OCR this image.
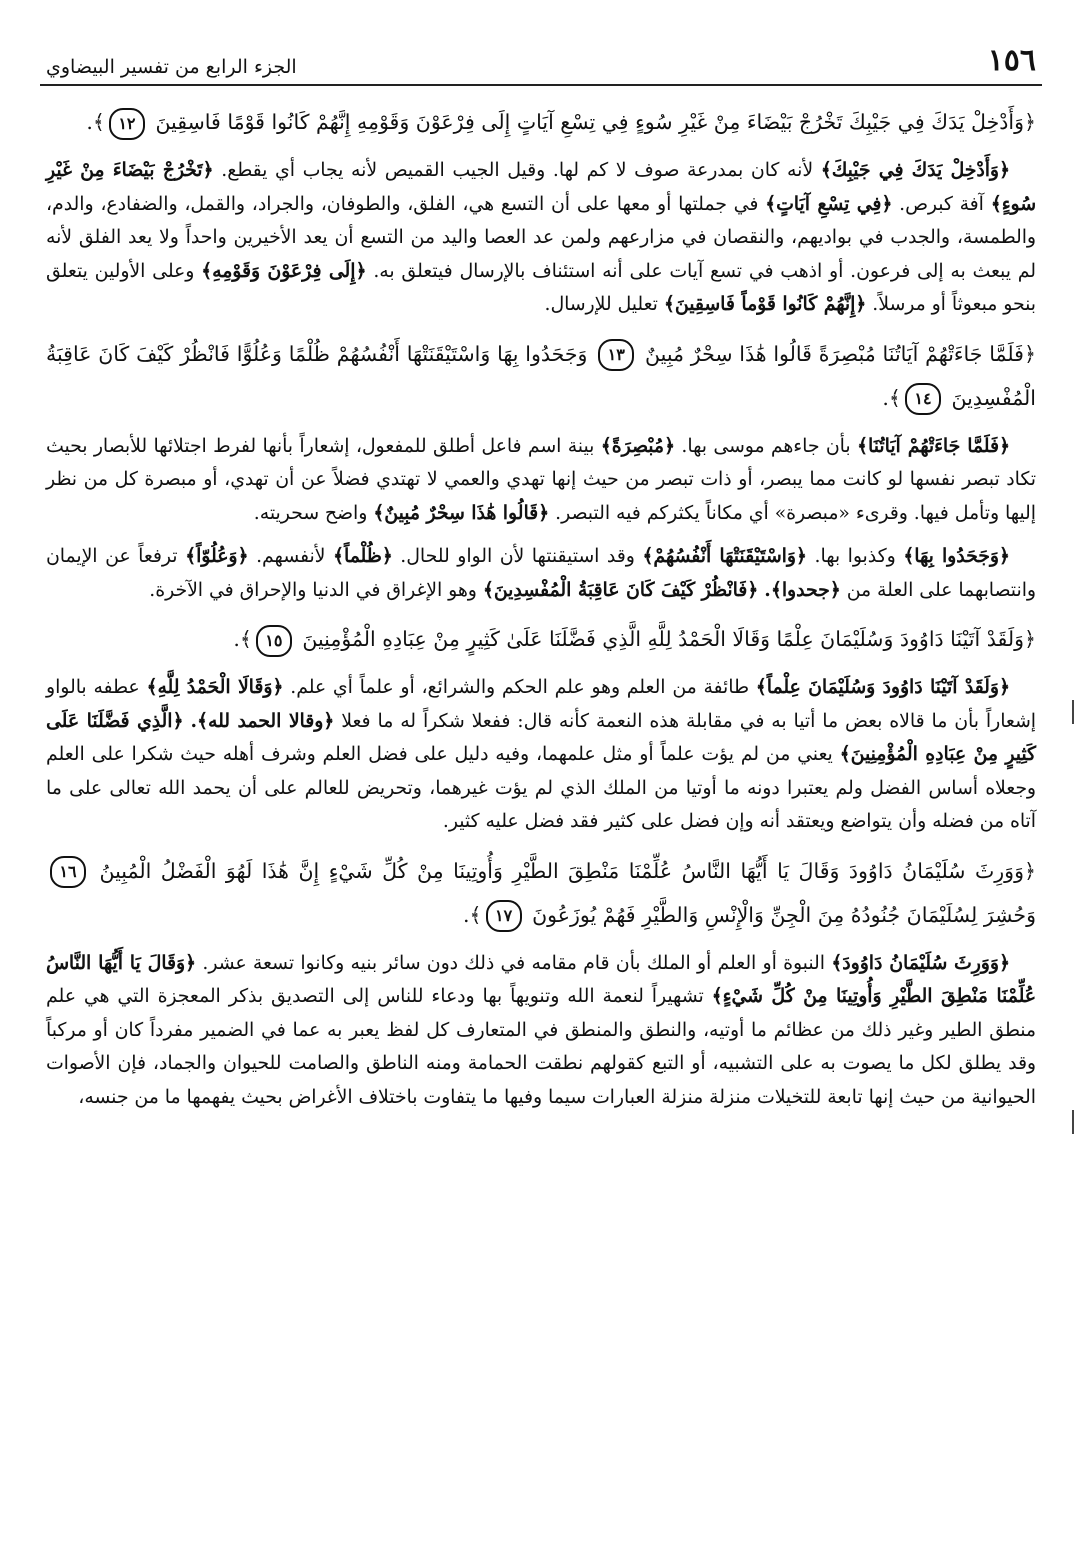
١٥٦
الجزء الرابع من تفسير البيضاوي

﴿وَأَدْخِلْ يَدَكَ فِي جَيْبِكَ تَخْرُجْ بَيْضَاءَ مِنْ غَيْرِ سُوءٍ فِي تِسْعِ آيَاتٍ إِلَى فِرْعَوْنَ وَقَوْمِهِ إِنَّهُمْ كَانُوا قَوْمًا فَاسِقِينَ ١٢﴾.

﴿وَأَدْخِلْ يَدَكَ فِي جَيْبِكَ﴾ لأنه كان بمدرعة صوف لا كم لها. وقيل الجيب القميص لأنه يجاب أي يقطع. ﴿تَخْرُجْ بَيْضَاءَ مِنْ غَيْرِ سُوءٍ﴾ آفة كبرص. ﴿فِي تِسْعِ آيَاتٍ﴾ في جملتها أو معها على أن التسع هي، الفلق، والطوفان، والجراد، والقمل، والضفادع، والدم، والطمسة، والجدب في بواديهم، والنقصان في مزارعهم ولمن عد العصا واليد من التسع أن يعد الأخيرين واحداً ولا يعد الفلق لأنه لم يبعث به إلى فرعون. أو اذهب في تسع آيات على أنه استئناف بالإرسال فيتعلق به. ﴿إِلَى فِرْعَوْنَ وَقَوْمِهِ﴾ وعلى الأولين يتعلق بنحو مبعوثاً أو مرسلاً. ﴿إِنَّهُمْ كَانُوا قَوْماً فَاسِقِينَ﴾ تعليل للإرسال.

﴿فَلَمَّا جَاءَتْهُمْ آيَاتُنَا مُبْصِرَةً قَالُوا هَٰذَا سِحْرٌ مُبِينٌ ١٣ وَجَحَدُوا بِهَا وَاسْتَيْقَنَتْهَا أَنْفُسُهُمْ ظُلْمًا وَعُلُوًّا فَانْظُرْ كَيْفَ كَانَ عَاقِبَةُ الْمُفْسِدِينَ ١٤﴾.

﴿فَلَمَّا جَاءَتْهُمْ آيَاتُنَا﴾ بأن جاءهم موسى بها. ﴿مُبْصِرَةً﴾ بينة اسم فاعل أطلق للمفعول، إشعاراً بأنها لفرط اجتلائها للأبصار بحيث تكاد تبصر نفسها لو كانت مما يبصر، أو ذات تبصر من حيث إنها تهدي والعمي لا تهتدي فضلاً عن أن تهدي، أو مبصرة كل من نظر إليها وتأمل فيها. وقرىء «مبصرة» أي مكاناً يكثركم فيه التبصر. ﴿قَالُوا هَٰذَا سِحْرٌ مُبِينٌ﴾ واضح سحريته.

﴿وَجَحَدُوا بِهَا﴾ وكذبوا بها. ﴿وَاسْتَيْقَنَتْهَا أَنْفُسُهُمْ﴾ وقد استيقنتها لأن الواو للحال. ﴿ظُلْماً﴾ لأنفسهم. ﴿وَعُلُوّاً﴾ ترفعاً عن الإيمان وانتصابهما على العلة من ﴿جحدوا﴾. ﴿فَانْظُرْ كَيْفَ كَانَ عَاقِبَةُ الْمُفْسِدِينَ﴾ وهو الإغراق في الدنيا والإحراق في الآخرة.

﴿وَلَقَدْ آتَيْنَا دَاوُودَ وَسُلَيْمَانَ عِلْمًا وَقَالَا الْحَمْدُ لِلَّهِ الَّذِي فَضَّلَنَا عَلَىٰ كَثِيرٍ مِنْ عِبَادِهِ الْمُؤْمِنِينَ ١٥﴾.

﴿وَلَقَدْ آتَيْنَا دَاوُودَ وَسُلَيْمَانَ عِلْماً﴾ طائفة من العلم وهو علم الحكم والشرائع، أو علماً أي علم. ﴿وَقَالَا الْحَمْدُ لِلَّهِ﴾ عطفه بالواو إشعاراً بأن ما قالاه بعض ما أتيا به في مقابلة هذه النعمة كأنه قال: ففعلا شكراً له ما فعلا ﴿وقالا الحمد لله﴾. ﴿الَّذِي فَضَّلَنَا عَلَى كَثِيرٍ مِنْ عِبَادِهِ الْمُؤْمِنِينَ﴾ يعني من لم يؤت علماً أو مثل علمهما، وفيه دليل على فضل العلم وشرف أهله حيث شكرا على العلم وجعلاه أساس الفضل ولم يعتبرا دونه ما أوتيا من الملك الذي لم يؤت غيرهما، وتحريض للعالم على أن يحمد الله تعالى على ما آتاه من فضله وأن يتواضع ويعتقد أنه وإن فضل على كثير فقد فضل عليه كثير.

﴿وَوَرِثَ سُلَيْمَانُ دَاوُودَ وَقَالَ يَا أَيُّهَا النَّاسُ عُلِّمْنَا مَنْطِقَ الطَّيْرِ وَأُوتِينَا مِنْ كُلِّ شَيْءٍ إِنَّ هَٰذَا لَهُوَ الْفَضْلُ الْمُبِينُ ١٦ وَحُشِرَ لِسُلَيْمَانَ جُنُودُهُ مِنَ الْجِنِّ وَالْإِنْسِ وَالطَّيْرِ فَهُمْ يُوزَعُونَ ١٧﴾.

﴿وَوَرِثَ سُلَيْمَانُ دَاوُودَ﴾ النبوة أو العلم أو الملك بأن قام مقامه في ذلك دون سائر بنيه وكانوا تسعة عشر. ﴿وَقَالَ يَا أَيُّهَا النَّاسُ عُلِّمْنَا مَنْطِقَ الطَّيْرِ وَأُوتِينَا مِنْ كُلِّ شَيْءٍ﴾ تشهيراً لنعمة الله وتنويهاً بها ودعاء للناس إلى التصديق بذكر المعجزة التي هي علم منطق الطير وغير ذلك من عظائم ما أوتيه، والنطق والمنطق في المتعارف كل لفظ يعبر به عما في الضمير مفرداً كان أو مركباً وقد يطلق لكل ما يصوت به على التشبيه، أو التبع كقولهم نطقت الحمامة ومنه الناطق والصامت للحيوان والجماد، فإن الأصوات الحيوانية من حيث إنها تابعة للتخيلات منزلة منزلة العبارات سيما وفيها ما يتفاوت باختلاف الأغراض بحيث يفهمها ما من جنسه،
